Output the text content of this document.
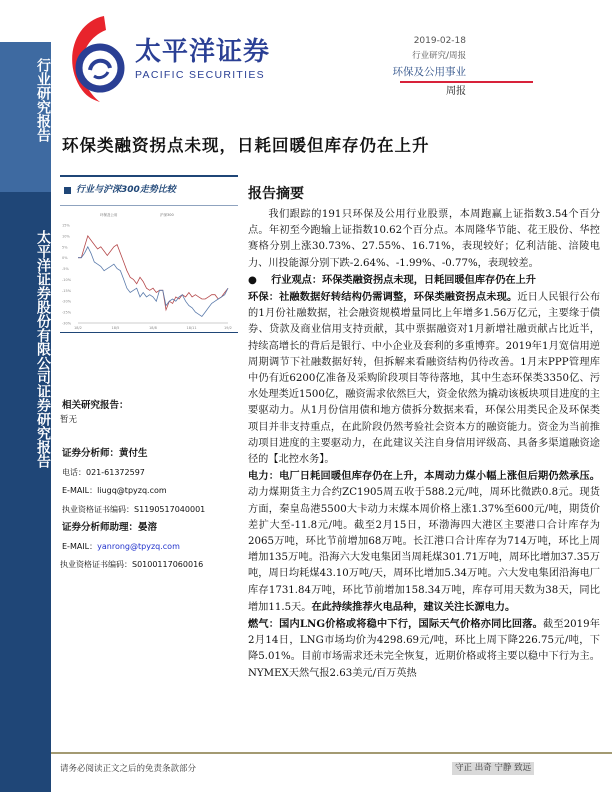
行业研究报告
太平洋证券股份有限公司证券研究报告
太平洋证券
PACIFIC SECURITIES
2019-02-18
行业研究/周报
环保及公用事业
周报
环保类融资拐点未现，日耗回暖但库存仍在上升
行业与沪深300走势比较
15%
10%
5%
0%
-5%
-10%
-15%
-20%
-25%
-30%
18/2	18/5	18/8	18/11	19/2
环保及公用	沪深300
相关研究报告：
暂无
证券分析师：黄付生
电话：021-61372597
E-MAIL：liugq@tpyzq.com
执业资格证书编码：S1190517040001
证券分析师助理：晏溶
E-MAIL：yanrong@tpyzq.com
执业资格证书编码：S0100117060016
报告摘要

我们跟踪的191只环保及公用行业股票，本周跑赢上证指数3.54个百分点。年初至今跑输上证指数10.62个百分点。本周隆华节能、花王股份、华控赛格分别上涨30.73%、27.55%、16.71%，表现较好；亿利洁能、涪陵电力、川投能源分别下跌-2.64%、-1.99%、-0.77%，表现较差。

●    行业观点：环保类融资拐点未现，日耗回暖但库存仍在上升

环保：社融数据好转结构仍需调整，环保类融资拐点未现。近日人民银行公布的1月份社融数据，社会融资规模增量同比上年增多1.56万亿元，主要缘于债券、贷款及商业信用支持贡献，其中票据融资对1月新增社融贡献占比近半，持续高增长的背后是银行、中小企业及套利的多重博弈。2019年1月宽信用逆周期调节下社融数据好转，但拆解来看融资结构仍待改善。1月末PPP管理库中仍有近6200亿准备及采购阶段项目等待落地，其中生态环保类3350亿、污水处理类近1500亿，融资需求依然巨大，资金依然为撬动该板块项目进度的主要驱动力。从1月份信用债和地方债拆分数据来看，环保公用类民企及环保类项目并非支持重点，在此阶段仍然考验社会资本方的融资能力。资金为当前推动项目进度的主要驱动力，在此建议关注自身信用评级高、具备多渠道融资途径的【北控水务】。

电力：电厂日耗回暖但库存仍在上升，本周动力煤小幅上涨但后期仍然承压。动力煤期货主力合约ZC1905周五收于588.2元/吨，周环比微跌0.8元。现货方面，秦皇岛港5500大卡动力末煤本周价格上涨1.37%至600元/吨，期货价差扩大至-11.8元/吨。截至2月15日，环渤海四大港区主要港口合计库存为2065万吨，环比节前增加68万吨。长江港口合计库存为714万吨，环比上周增加135万吨。沿海六大发电集团当周耗煤301.71万吨，周环比增加37.35万吨，周日均耗煤43.10万吨/天，周环比增加5.34万吨。六大发电集团沿海电厂库存1731.84万吨，环比节前增加158.34万吨，库存可用天数为38天，同比增加11.5天。在此持续推荐火电品种，建议关注长源电力。

燃气：国内LNG价格或将稳中下行，国际天气价格亦同比回落。截至2019年2月14日，LNG市场均价为4298.69元/吨，环比上周下降226.75元/吨，下降5.01%。目前市场需求还未完全恢复，近期价格或将主要以稳中下行为主。 NYMEX天然气报2.63美元/百万英热

请务必阅读正文之后的免责条款部分	守正 出奇 宁静 致远
